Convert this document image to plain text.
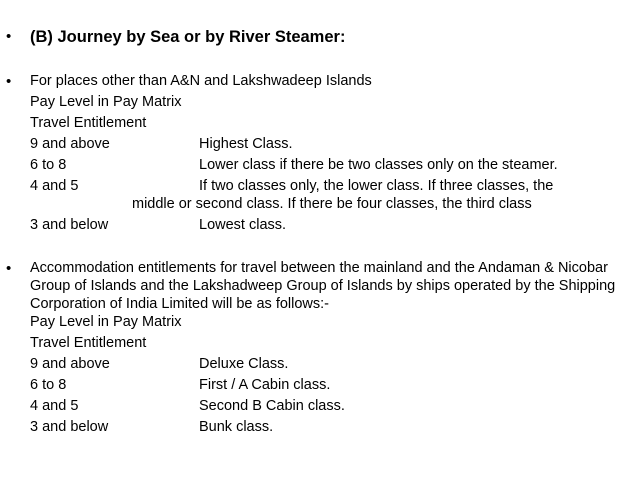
•	(B) Journey by Sea or by River Steamer:
•	For places other than A&N and Lakshwadeep Islands
Pay Level in Pay Matrix
Travel Entitlement
9 and above	Highest Class.
6 to 8	Lower class if there be two classes only on the steamer.
4 and 5	If two classes only, the lower class. If three classes, the
middle or second class. If there be four classes, the third class
3 and below	Lowest class.
•	Accommodation entitlements for travel between the mainland and the Andaman & Nicobar Group of Islands and the Lakshadweep Group of Islands by ships operated by the Shipping Corporation of India Limited will be as follows:-
Pay Level in Pay Matrix
Travel Entitlement
9 and above	Deluxe Class.
6 to 8	First / A Cabin class.
4 and 5	Second B Cabin class.
3 and below	Bunk class.
